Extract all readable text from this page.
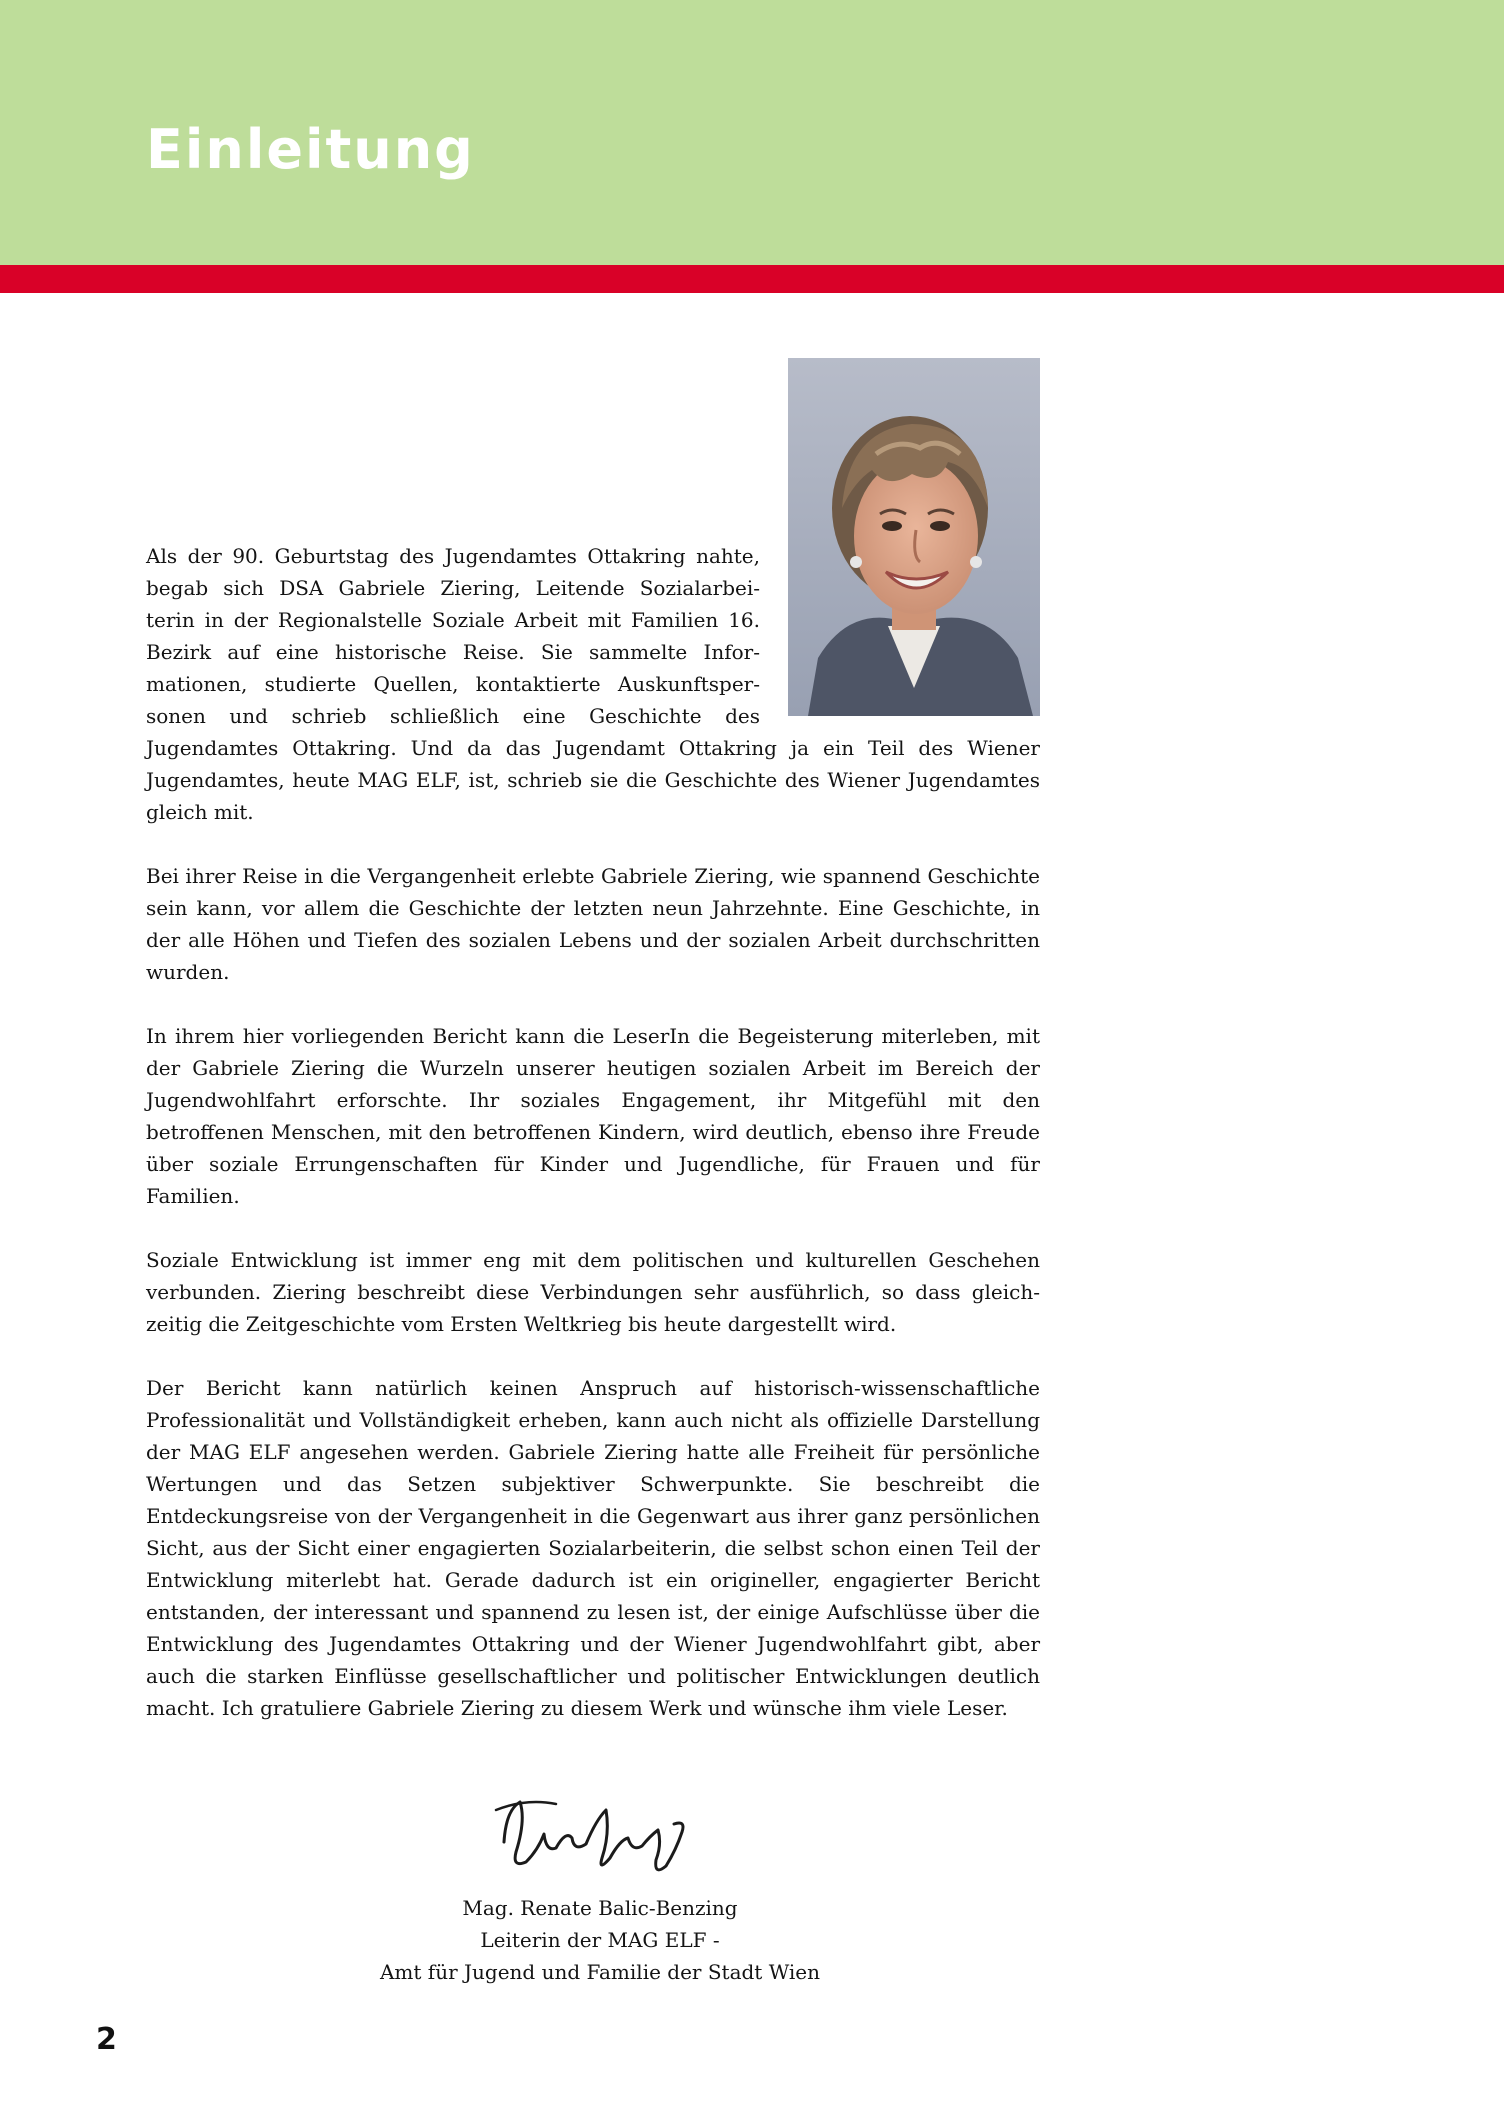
Einleitung
Als der 90. Geburtstag des Jugendamtes Ottakring nahte,
begab sich DSA Gabriele Ziering, Leitende Sozialarbei-
terin in der Regionalstelle Soziale Arbeit mit Familien 16.
Bezirk auf eine historische Reise. Sie sammelte Infor-
mationen, studierte Quellen, kontaktierte Auskunftsper-
sonen und schrieb schließlich eine Geschichte des

Jugendamtes Ottakring. Und da das Jugendamt Ottakring ja ein Teil des Wiener Jugendamtes, heute MAG ELF, ist, schrieb sie die Geschichte des Wiener Jugendamtes gleich mit.

Bei ihrer Reise in die Vergangenheit erlebte Gabriele Ziering, wie spannend Geschichte sein kann, vor allem die Geschichte der letzten neun Jahrzehnte. Eine Geschichte, in der alle Höhen und Tiefen des sozialen Lebens und der sozialen Arbeit durchschritten wurden.

In ihrem hier vorliegenden Bericht kann die LeserIn die Begeisterung miterleben, mit der Gabriele Ziering die Wurzeln unserer heutigen sozialen Arbeit im Bereich der Jugendwohlfahrt erforschte. Ihr soziales Engagement, ihr Mitgefühl mit den betroffenen Menschen, mit den betroffenen Kindern, wird deutlich, ebenso ihre Freude über soziale Errungenschaften für Kinder und Jugendliche, für Frauen und für Familien.

Soziale Entwicklung ist immer eng mit dem politischen und kulturellen Geschehen verbunden. Ziering beschreibt diese Verbindungen sehr ausführlich, so dass gleichzeitig die Zeitgeschichte vom Ersten Weltkrieg bis heute dargestellt wird.

Der Bericht kann natürlich keinen Anspruch auf historisch-wissenschaftliche Professionalität und Vollständigkeit erheben, kann auch nicht als offizielle Darstellung der MAG ELF angesehen werden. Gabriele Ziering hatte alle Freiheit für persönliche Wertungen und das Setzen subjektiver Schwerpunkte. Sie beschreibt die Entdeckungsreise von der Vergangenheit in die Gegenwart aus ihrer ganz persönlichen Sicht, aus der Sicht einer engagierten Sozialarbeiterin, die selbst schon einen Teil der Entwicklung miterlebt hat. Gerade dadurch ist ein origineller, engagierter Bericht entstanden, der interessant und spannend zu lesen ist, der einige Aufschlüsse über die Entwicklung des Jugendamtes Ottakring und der Wiener Jugendwohlfahrt gibt, aber auch die starken Einflüsse gesellschaftlicher und politischer Entwicklungen deutlich macht. Ich gratuliere Gabriele Ziering zu diesem Werk und wünsche ihm viele Leser.

Mag. Renate Balic-Benzing
Leiterin der MAG ELF -
Amt für Jugend und Familie der Stadt Wien
2
